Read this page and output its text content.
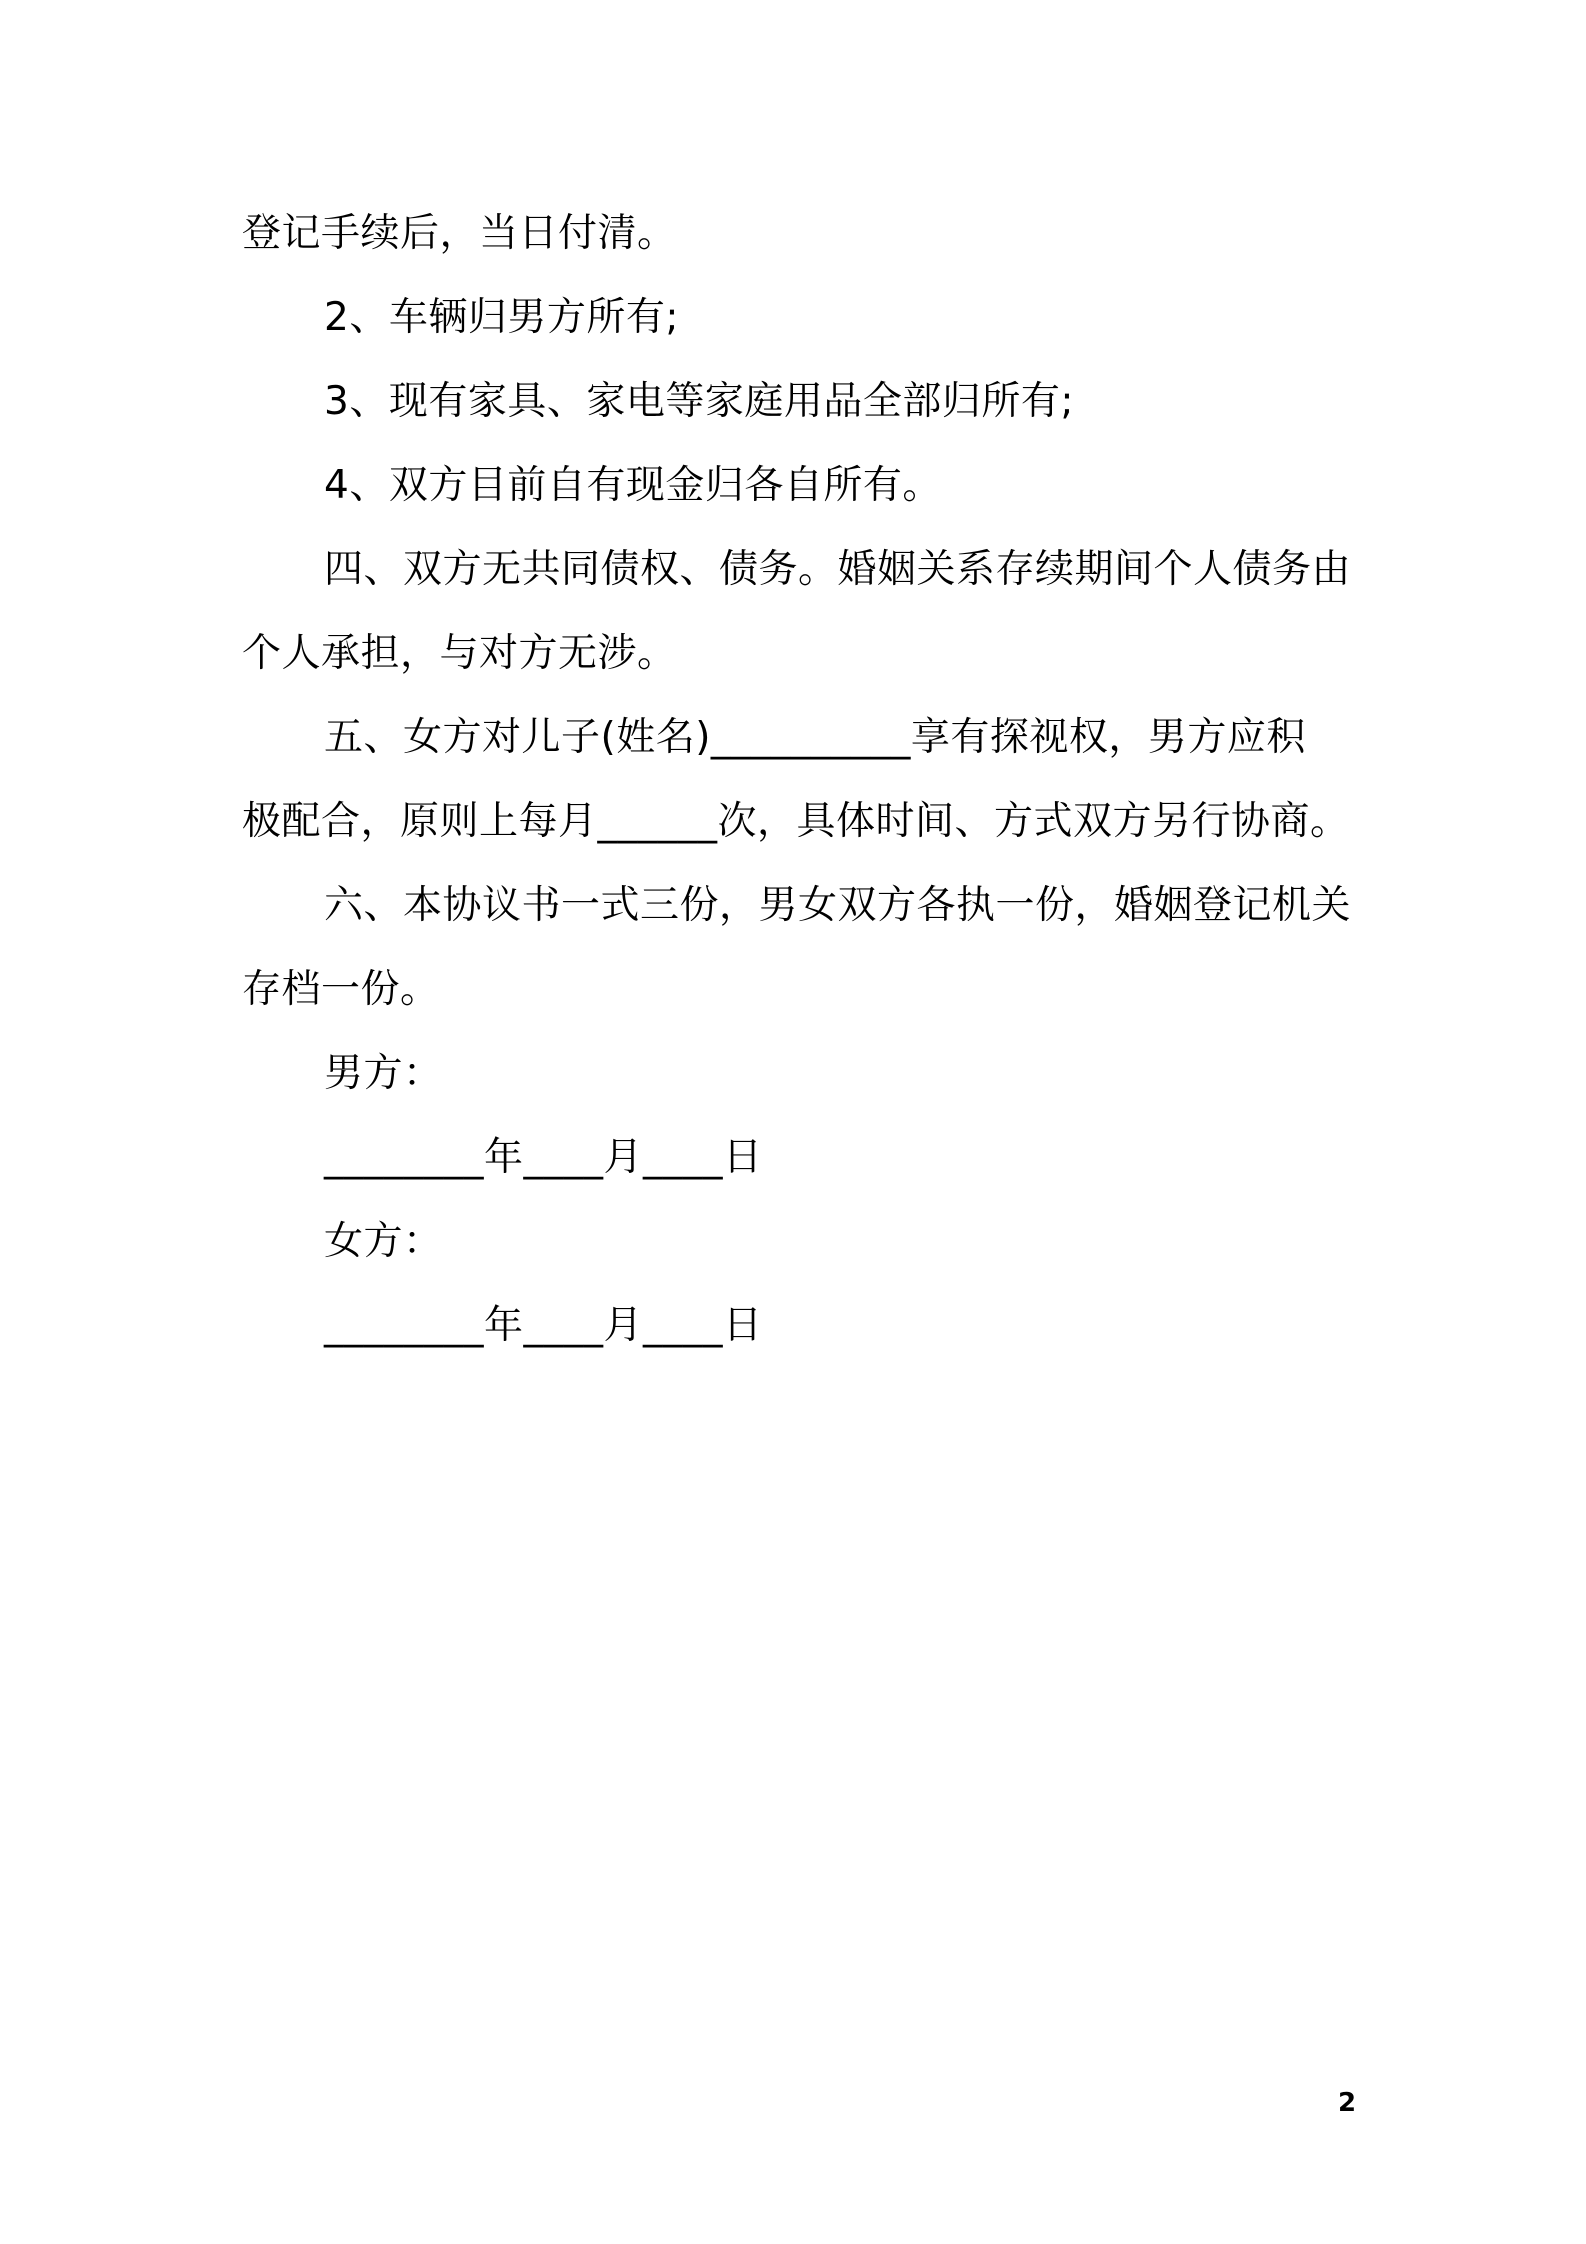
登记手续后，当日付清。
2、车辆归男方所有;
3、现有家具、家电等家庭用品全部归所有;
4、双方目前自有现金归各自所有。
四、双方无共同债权、债务。婚姻关系存续期间个人债务由
个人承担，与对方无涉。
五、女方对儿子(姓名)__________享有探视权，男方应积
极配合，原则上每月______次，具体时间、方式双方另行协商。
六、本协议书一式三份，男女双方各执一份，婚姻登记机关
存档一份。
男方：
________年____月____日
女方：
________年____月____日
2
